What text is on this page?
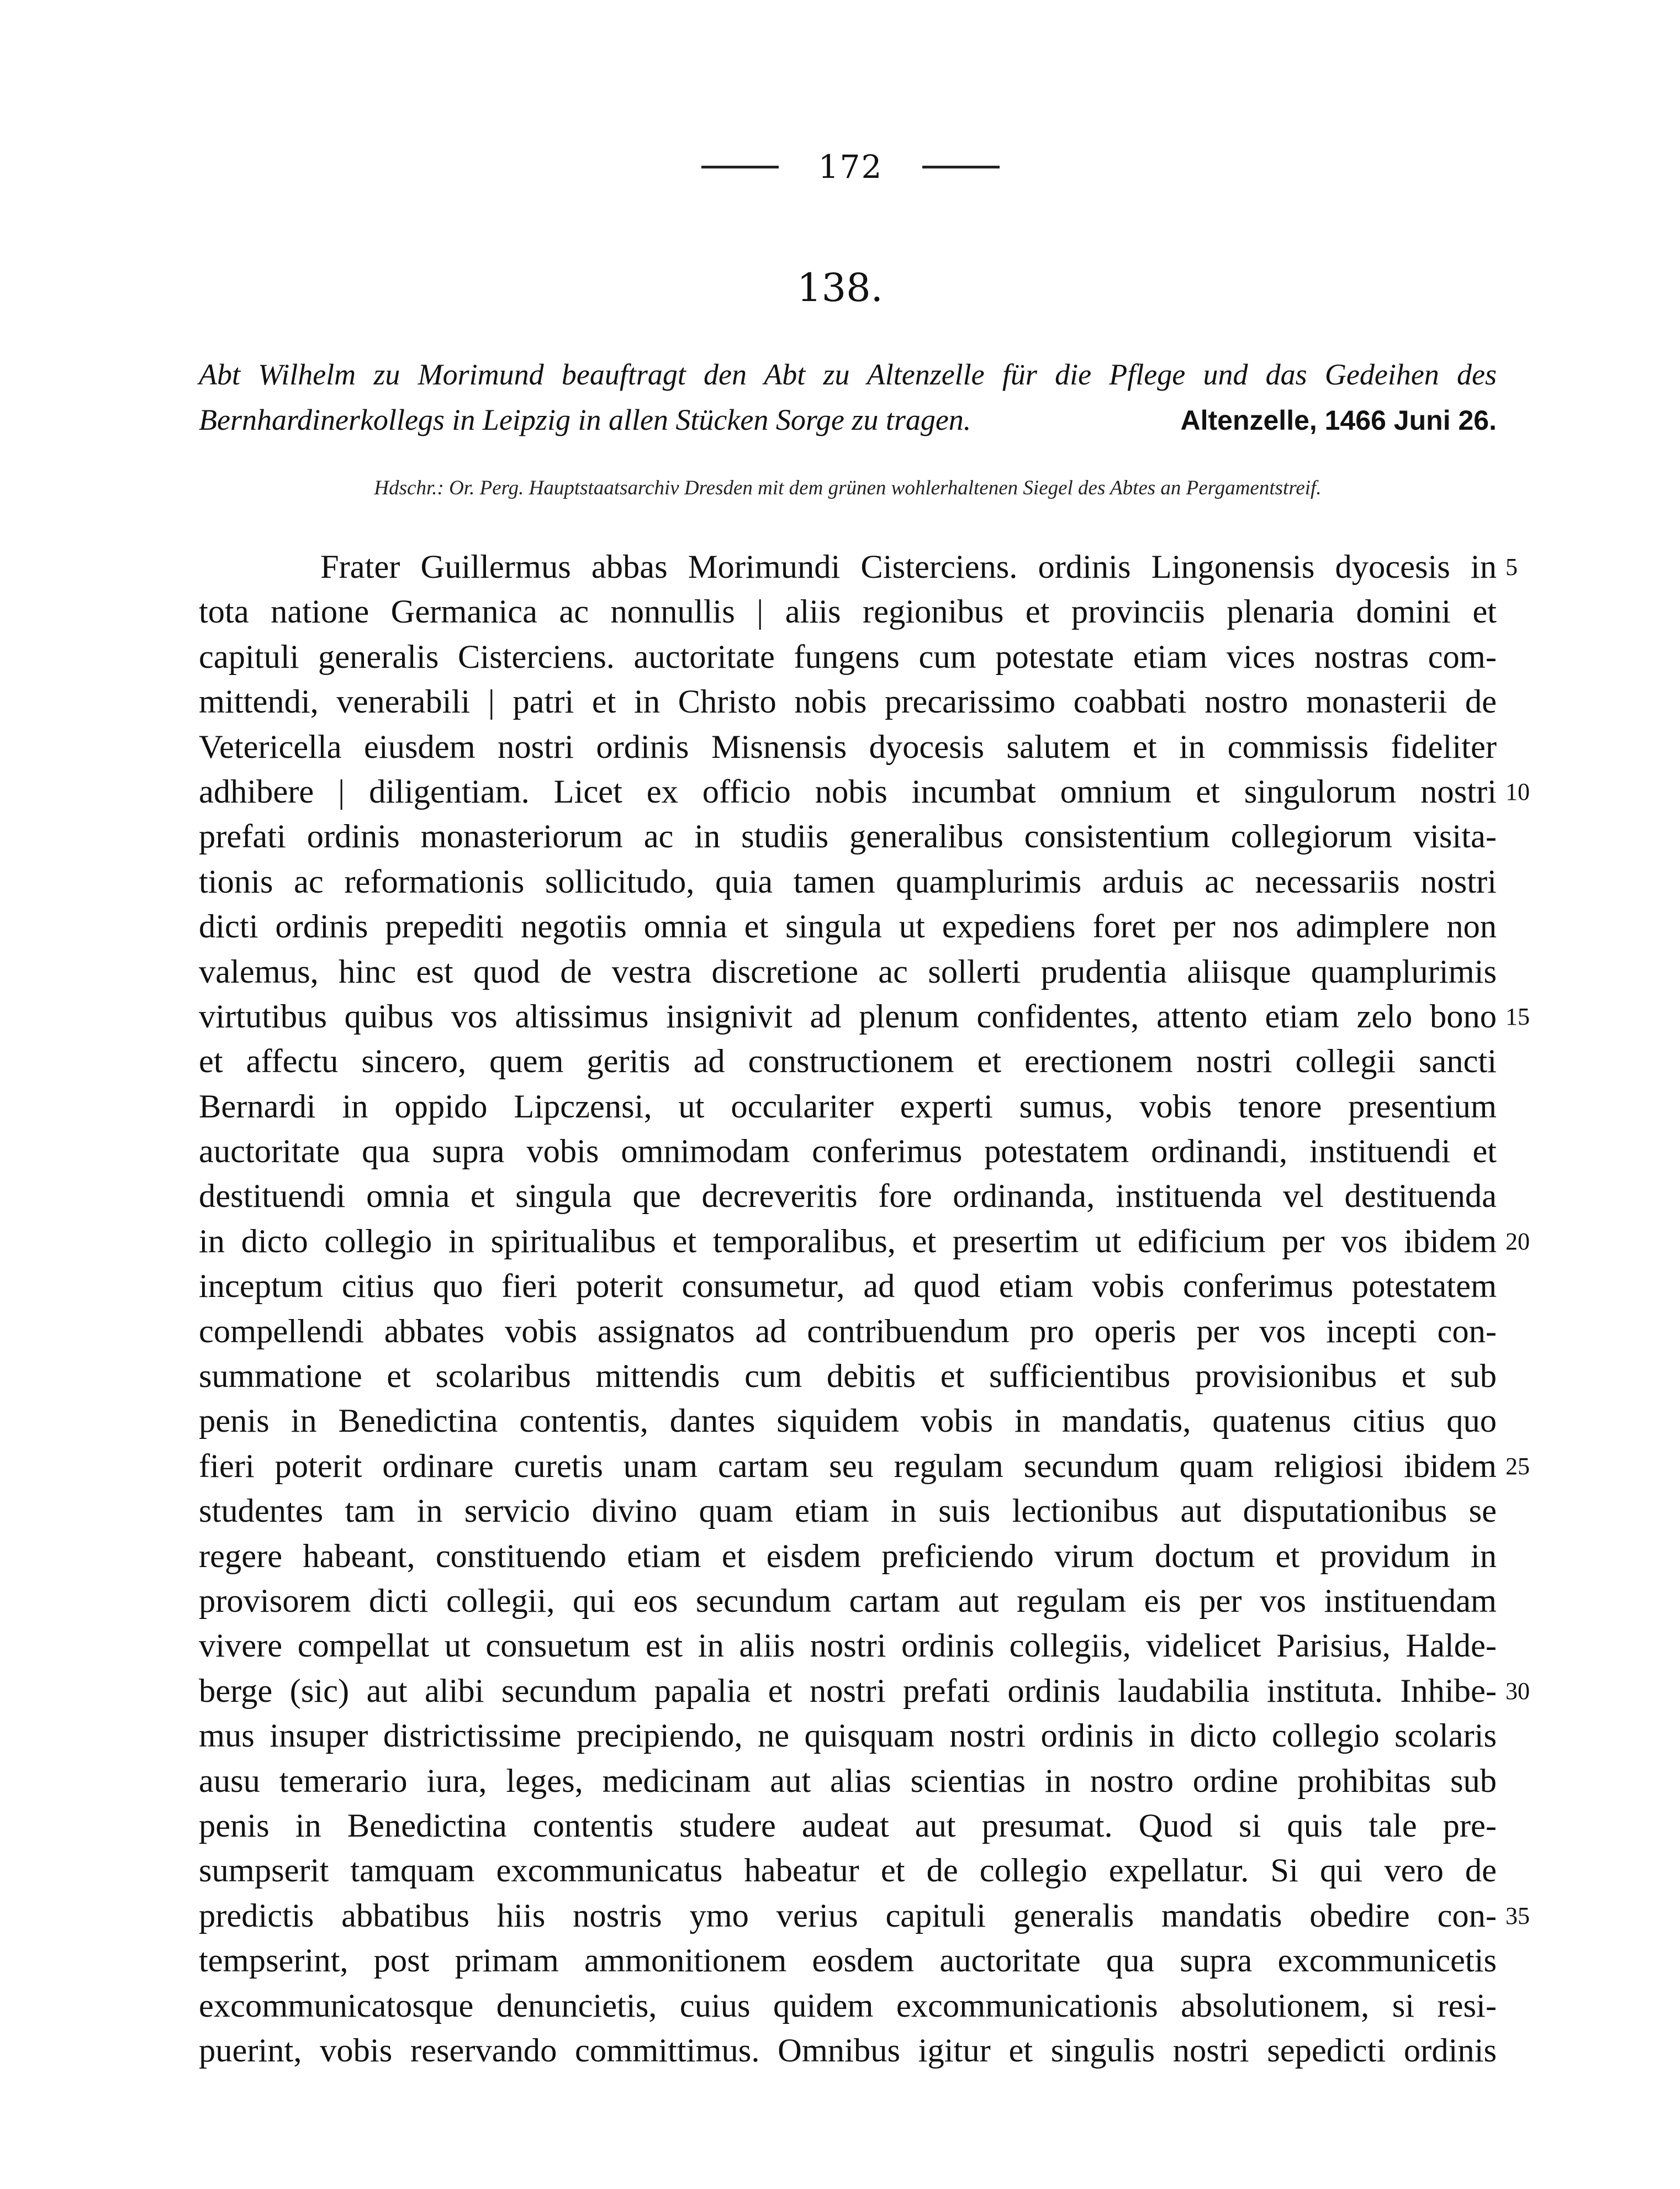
172
138.
Abt Wilhelm zu Morimund beauftragt den Abt zu Altenzelle für die Pflege und das Gedeihen des
Bernhardinerkollegs in Leipzig in allen Stücken Sorge zu tragen.	Altenzelle, 1466 Juni 26.
Hdschr.: Or. Perg. Hauptstaatsarchiv Dresden mit dem grünen wohlerhaltenen Siegel des Abtes an Pergamentstreif.
Frater Guillermus abbas Morimundi Cisterciens. ordinis Lingonensis dyocesis in
tota natione Germanica ac nonnullis | aliis regionibus et provinciis plenaria domini et
capituli generalis Cisterciens. auctoritate fungens cum potestate etiam vices nostras com-
mittendi, venerabili | patri et in Christo nobis precarissimo coabbati nostro monasterii de
Vetericella eiusdem nostri ordinis Misnensis dyocesis salutem et in commissis fideliter
adhibere | diligentiam. Licet ex officio nobis incumbat omnium et singulorum nostri
prefati ordinis monasteriorum ac in studiis generalibus consistentium collegiorum visita-
tionis ac reformationis sollicitudo, quia tamen quamplurimis arduis ac necessariis nostri
dicti ordinis prepediti negotiis omnia et singula ut expediens foret per nos adimplere non
valemus, hinc est quod de vestra discretione ac sollerti prudentia aliisque quamplurimis
virtutibus quibus vos altissimus insignivit ad plenum confidentes, attento etiam zelo bono
et affectu sincero, quem geritis ad constructionem et erectionem nostri collegii sancti
Bernardi in oppido Lipczensi, ut occulariter experti sumus, vobis tenore presentium
auctoritate qua supra vobis omnimodam conferimus potestatem ordinandi, instituendi et
destituendi omnia et singula que decreveritis fore ordinanda, instituenda vel destituenda
in dicto collegio in spiritualibus et temporalibus, et presertim ut edificium per vos ibidem
inceptum citius quo fieri poterit consumetur, ad quod etiam vobis conferimus potestatem
compellendi abbates vobis assignatos ad contribuendum pro operis per vos incepti con-
summatione et scolaribus mittendis cum debitis et sufficientibus provisionibus et sub
penis in Benedictina contentis, dantes siquidem vobis in mandatis, quatenus citius quo
fieri poterit ordinare curetis unam cartam seu regulam secundum quam religiosi ibidem
studentes tam in servicio divino quam etiam in suis lectionibus aut disputationibus se
regere habeant, constituendo etiam et eisdem preficiendo virum doctum et providum in
provisorem dicti collegii, qui eos secundum cartam aut regulam eis per vos instituendam
vivere compellat ut consuetum est in aliis nostri ordinis collegiis, videlicet Parisius, Halde-
berge (sic) aut alibi secundum papalia et nostri prefati ordinis laudabilia instituta. Inhibe-
mus insuper districtissime precipiendo, ne quisquam nostri ordinis in dicto collegio scolaris
ausu temerario iura, leges, medicinam aut alias scientias in nostro ordine prohibitas sub
penis in Benedictina contentis studere audeat aut presumat. Quod si quis tale pre-
sumpserit tamquam excommunicatus habeatur et de collegio expellatur. Si qui vero de
predictis abbatibus hiis nostris ymo verius capituli generalis mandatis obedire con-
tempserint, post primam ammonitionem eosdem auctoritate qua supra excommunicetis
excommunicatosque denuncietis, cuius quidem excommunicationis absolutionem, si resi-
puerint, vobis reservando committimus. Omnibus igitur et singulis nostri sepedicti ordinis
5
10
15
20
25
30
35
